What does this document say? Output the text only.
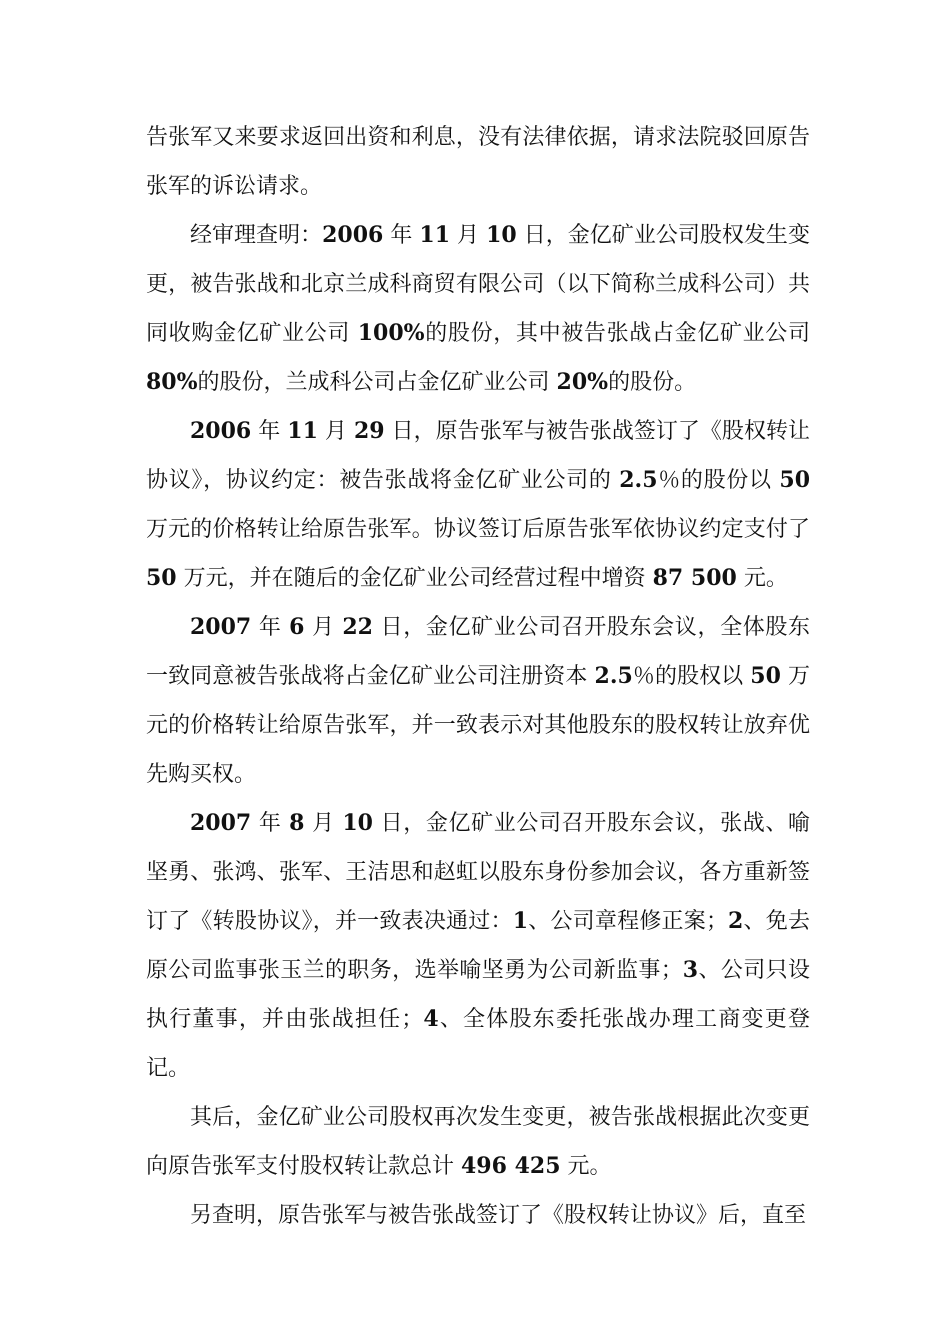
告张军又来要求返回出资和利息，没有法律依据，请求法院驳回原告张军的诉讼请求。

经审理查明：2006 年 11 月 10 日，金亿矿业公司股权发生变更，被告张战和北京兰成科商贸有限公司（以下简称兰成科公司）共同收购金亿矿业公司 100%的股份，其中被告张战占金亿矿业公司 80%的股份，兰成科公司占金亿矿业公司 20%的股份。

2006 年 11 月 29 日，原告张军与被告张战签订了《股权转让协议》，协议约定：被告张战将金亿矿业公司的 2.5％的股份以 50 万元的价格转让给原告张军。协议签订后原告张军依协议约定支付了 50 万元，并在随后的金亿矿业公司经营过程中增资 87 500 元。

2007 年 6 月 22 日，金亿矿业公司召开股东会议，全体股东一致同意被告张战将占金亿矿业公司注册资本 2.5％的股权以 50 万元的价格转让给原告张军，并一致表示对其他股东的股权转让放弃优先购买权。

2007 年 8 月 10 日，金亿矿业公司召开股东会议，张战、喻坚勇、张鸿、张军、王洁思和赵虹以股东身份参加会议，各方重新签订了《转股协议》，并一致表决通过：1、公司章程修正案；2、免去原公司监事张玉兰的职务，选举喻坚勇为公司新监事；3、公司只设执行董事，并由张战担任；4、全体股东委托张战办理工商变更登记。

其后，金亿矿业公司股权再次发生变更，被告张战根据此次变更向原告张军支付股权转让款总计 496 425 元。

另查明，原告张军与被告张战签订了《股权转让协议》后，直至
